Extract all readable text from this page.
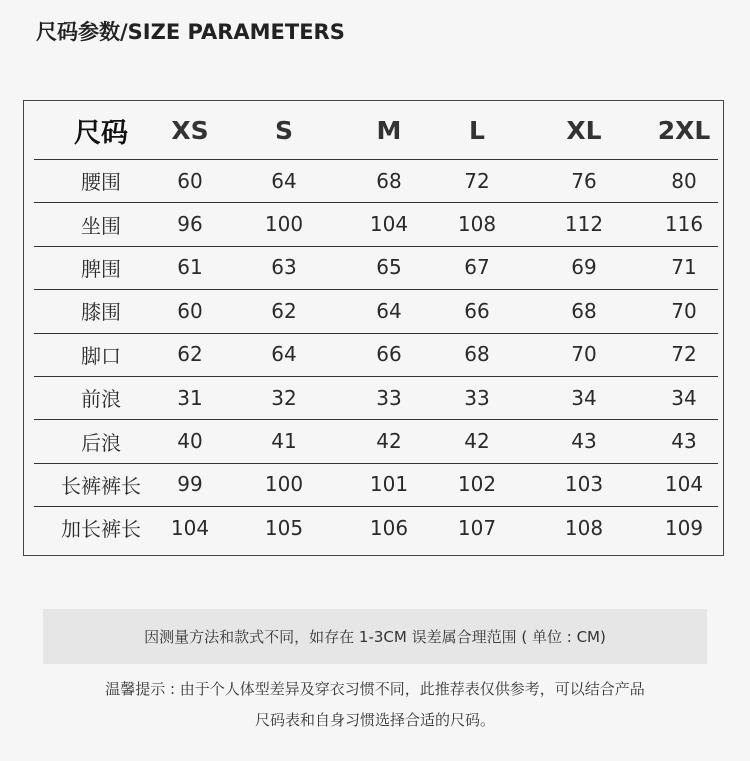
尺码参数/SIZE PARAMETERS
尺码 XS	S	M	L	XL 2XL
腰围	60	64	68	72	76	80
坐围	96	100	104 108	112	116
脾围	61	63	65	67	69	71
膝围	60	62	64	66	68	70
脚口	62	64	66	68	70	72
前浪	31	32	33	33	34	34
后浪	40	41	42	42	43	43
长裤裤长 99	100	101 102	103	104
加长裤长 104	105	106 107	108	109
因测量方法和款式不同，如存在 1-3CM 误差属合理范围 ( 单位 : CM)
温馨提示 : 由于个人体型差异及穿衣习惯不同，此推荐表仅供参考，可以结合产品
尺码表和自身习惯选择合适的尺码。
